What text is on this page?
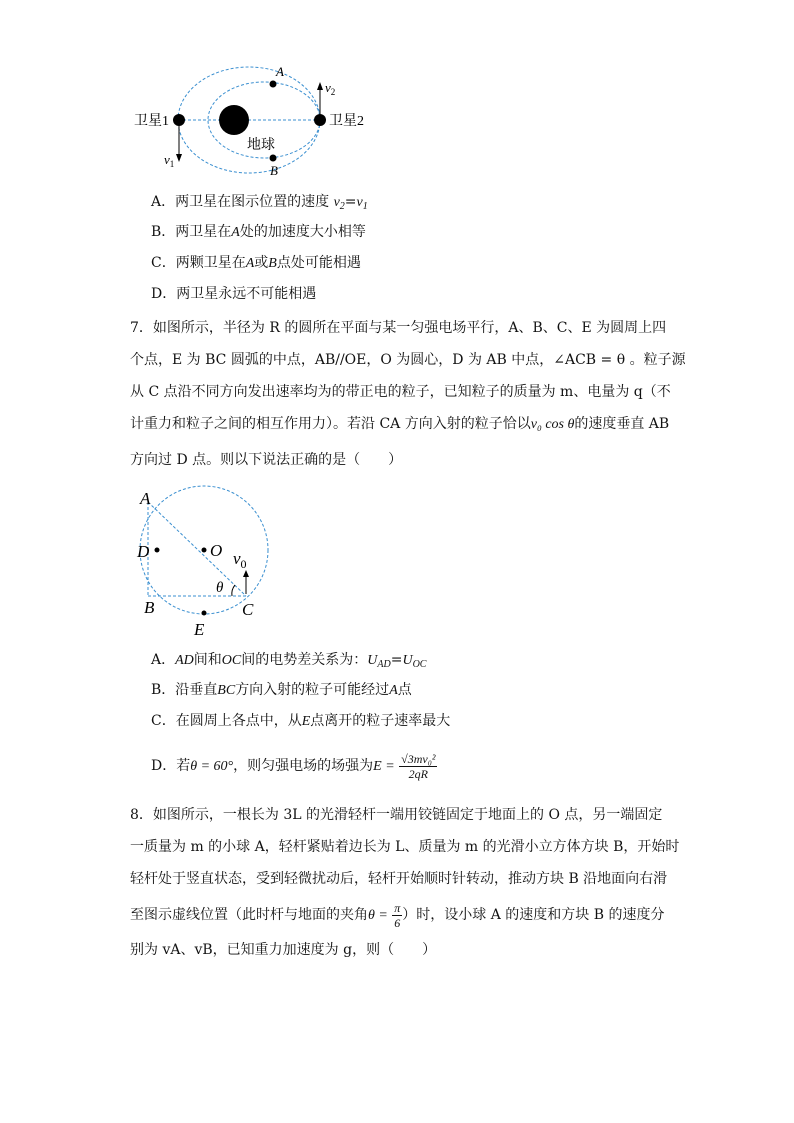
卫星1	卫星2
地球
A
B
$v_1$
$v_2$
A．两卫星在图示位置的速度 $v_2=v_1$
B．两卫星在A处的加速度大小相等
C．两颗卫星在A或B点处可能相遇
D．两卫星永远不可能相遇
7．如图所示，半径为 R 的圆所在平面与某一匀强电场平行，A、B、C、E 为圆周上四
个点，E 为 BC 圆弧的中点，AB//OE，O 为圆心，D 为 AB 中点，∠ACB = θ 。粒子源
从 C 点沿不同方向发出速率均为的带正电的粒子，已知粒子的质量为 m、电量为 q（不
计重力和粒子之间的相互作用力）。若沿 CA 方向入射的粒子恰以v₀ cos θ的速度垂直 AB
方向过 D 点。则以下说法正确的是（　　）
A
D
B	C
E
O $v_0$
θ
A．AD间和OC间的电势差关系为：$U_{AD}=U_{OC}$
B．沿垂直BC方向入射的粒子可能经过A点
C．在圆周上各点中，从E点离开的粒子速率最大
D．若θ = 60°，则匀强电场的场强为$E = \frac{\text{√3mv₀²}}{2qR}$
8．如图所示，一根长为 3L 的光滑轻杆一端用铰链固定于地面上的 O 点，另一端固定
一质量为 m 的小球 A，轻杆紧贴着边长为 L、质量为 m 的光滑小立方体方块 B，开始时
轻杆处于竖直状态，受到轻微扰动后，轻杆开始顺时针转动，推动方块 B 沿地面向右滑
至图示虚线位置（此时杆与地面的夹角$\theta = \frac{\pi}{6}$ ）时，设小球 A 的速度和方块 B 的速度分
别为 vA、vB，已知重力加速度为 g，则（　　）
